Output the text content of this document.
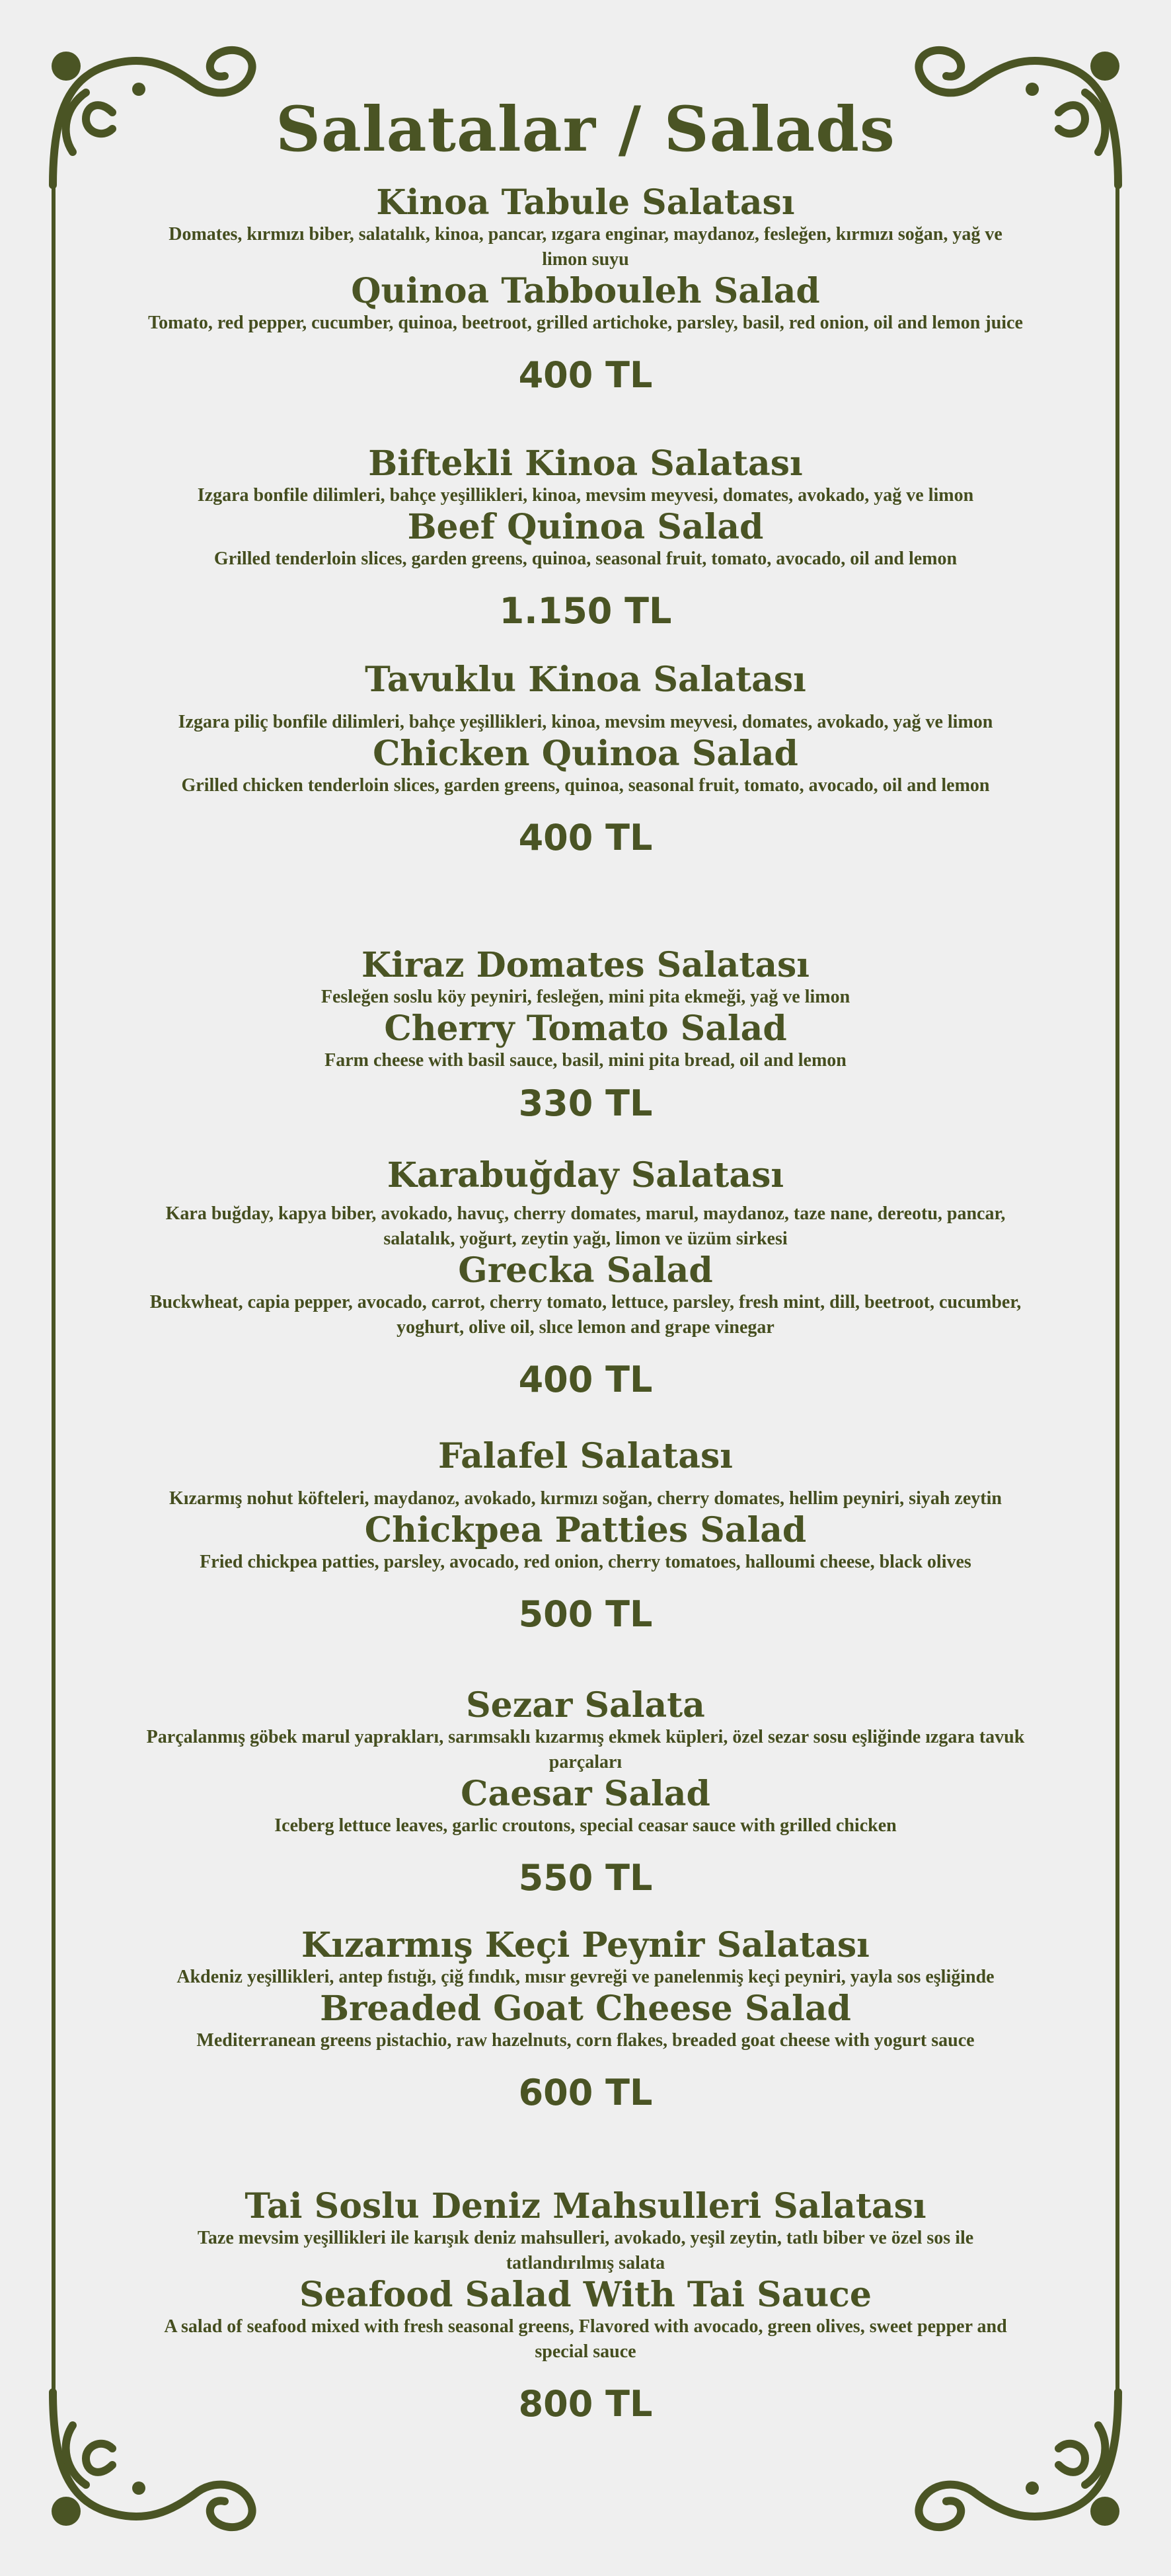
Salatalar / Salads

Kinoa Tabule Salatası

Domates, kırmızı biber, salatalık, kinoa, pancar, ızgara enginar, maydanoz, fesleğen, kırmızı soğan, yağ ve limon suyu

Quinoa Tabbouleh Salad

Tomato, red pepper, cucumber, quinoa, beetroot, grilled artichoke, parsley, basil, red onion, oil and lemon juice

400 TL

Biftekli Kinoa Salatası

Izgara bonfile dilimleri, bahçe yeşillikleri, kinoa, mevsim meyvesi, domates, avokado, yağ ve limon

Beef Quinoa Salad

Grilled tenderloin slices, garden greens, quinoa, seasonal fruit, tomato, avocado, oil and lemon

1.150 TL

Tavuklu Kinoa Salatası

Izgara piliç bonfile dilimleri, bahçe yeşillikleri, kinoa, mevsim meyvesi, domates, avokado, yağ ve limon

Chicken Quinoa Salad

Grilled chicken tenderloin slices, garden greens, quinoa, seasonal fruit, tomato, avocado, oil and lemon

400 TL

Kiraz Domates Salatası

Fesleğen soslu köy peyniri, fesleğen, mini pita ekmeği, yağ ve limon

Cherry Tomato Salad

Farm cheese with basil sauce, basil, mini pita bread, oil and lemon

330 TL

Karabuğday Salatası

Kara buğday, kapya biber, avokado, havuç, cherry domates, marul, maydanoz, taze nane, dereotu, pancar, salatalık, yoğurt, zeytin yağı, limon ve üzüm sirkesi

Grecka Salad

Buckwheat, capia pepper, avocado, carrot, cherry tomato, lettuce, parsley, fresh mint, dill, beetroot, cucumber, yoghurt, olive oil, slıce lemon and grape vinegar

400 TL

Falafel Salatası

Kızarmış nohut köfteleri, maydanoz, avokado, kırmızı soğan, cherry domates, hellim peyniri, siyah zeytin

Chickpea Patties Salad

Fried chickpea patties, parsley, avocado, red onion, cherry tomatoes, halloumi cheese, black olives

500 TL

Sezar Salata

Parçalanmış göbek marul yaprakları, sarımsaklı kızarmış ekmek küpleri, özel sezar sosu eşliğinde ızgara tavuk parçaları

Caesar Salad

Iceberg lettuce leaves, garlic croutons, special ceasar sauce with grilled chicken

550 TL

Kızarmış Keçi Peynir Salatası

Akdeniz yeşillikleri, antep fıstığı, çiğ fındık, mısır gevreği ve panelenmiş keçi peyniri, yayla sos eşliğinde

Breaded Goat Cheese Salad

Mediterranean greens pistachio, raw hazelnuts, corn flakes, breaded goat cheese with yogurt sauce

600 TL

Tai Soslu Deniz Mahsulleri Salatası

Taze mevsim yeşillikleri ile karışık deniz mahsulleri, avokado, yeşil zeytin, tatlı biber ve özel sos ile tatlandırılmış salata

Seafood Salad With Tai Sauce

A salad of seafood mixed with fresh seasonal greens, Flavored with avocado, green olives, sweet pepper and special sauce

800 TL
